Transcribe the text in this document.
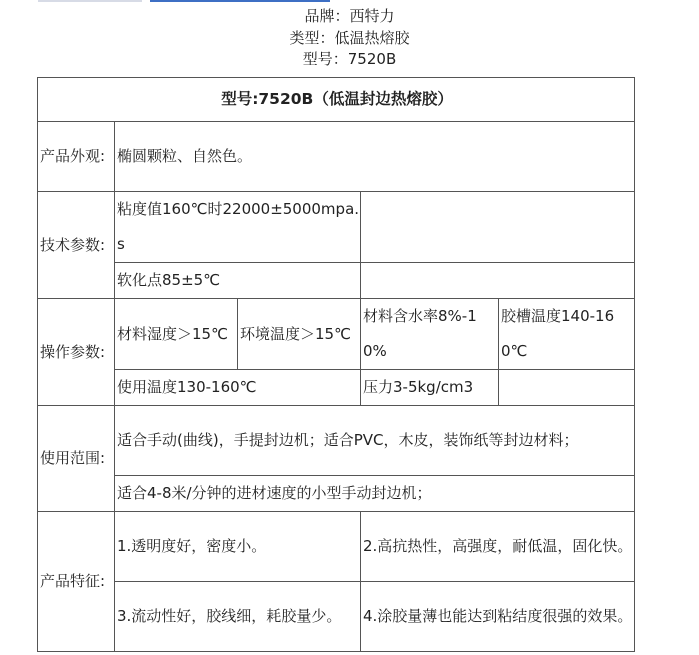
品牌：西特力
类型：低温热熔胶
型号：7520B
型号:7520B（低温封边热熔胶）				
产品外观:	椭圆颗粒、自然色。			
技术参数:	粘度值160℃时22000±5000mpa.s			
	软化点85±5℃			
操作参数:	材料湿度＞15℃	环境温度＞15℃	材料含水率8%-10%	胶槽温度140-160℃
	使用温度130-160℃		压力3-5kg/cm3	
使用范围:	适合手动(曲线)，手提封边机；适合PVC，木皮，装饰纸等封边材料；			
	适合4-8米/分钟的进材速度的小型手动封边机；			
产品特征:	1.透明度好，密度小。		2.高抗热性，高强度，耐低温，固化快。	
	3.流动性好，胶线细，耗胶量少。		4.涂胶量薄也能达到粘结度很强的效果。	
